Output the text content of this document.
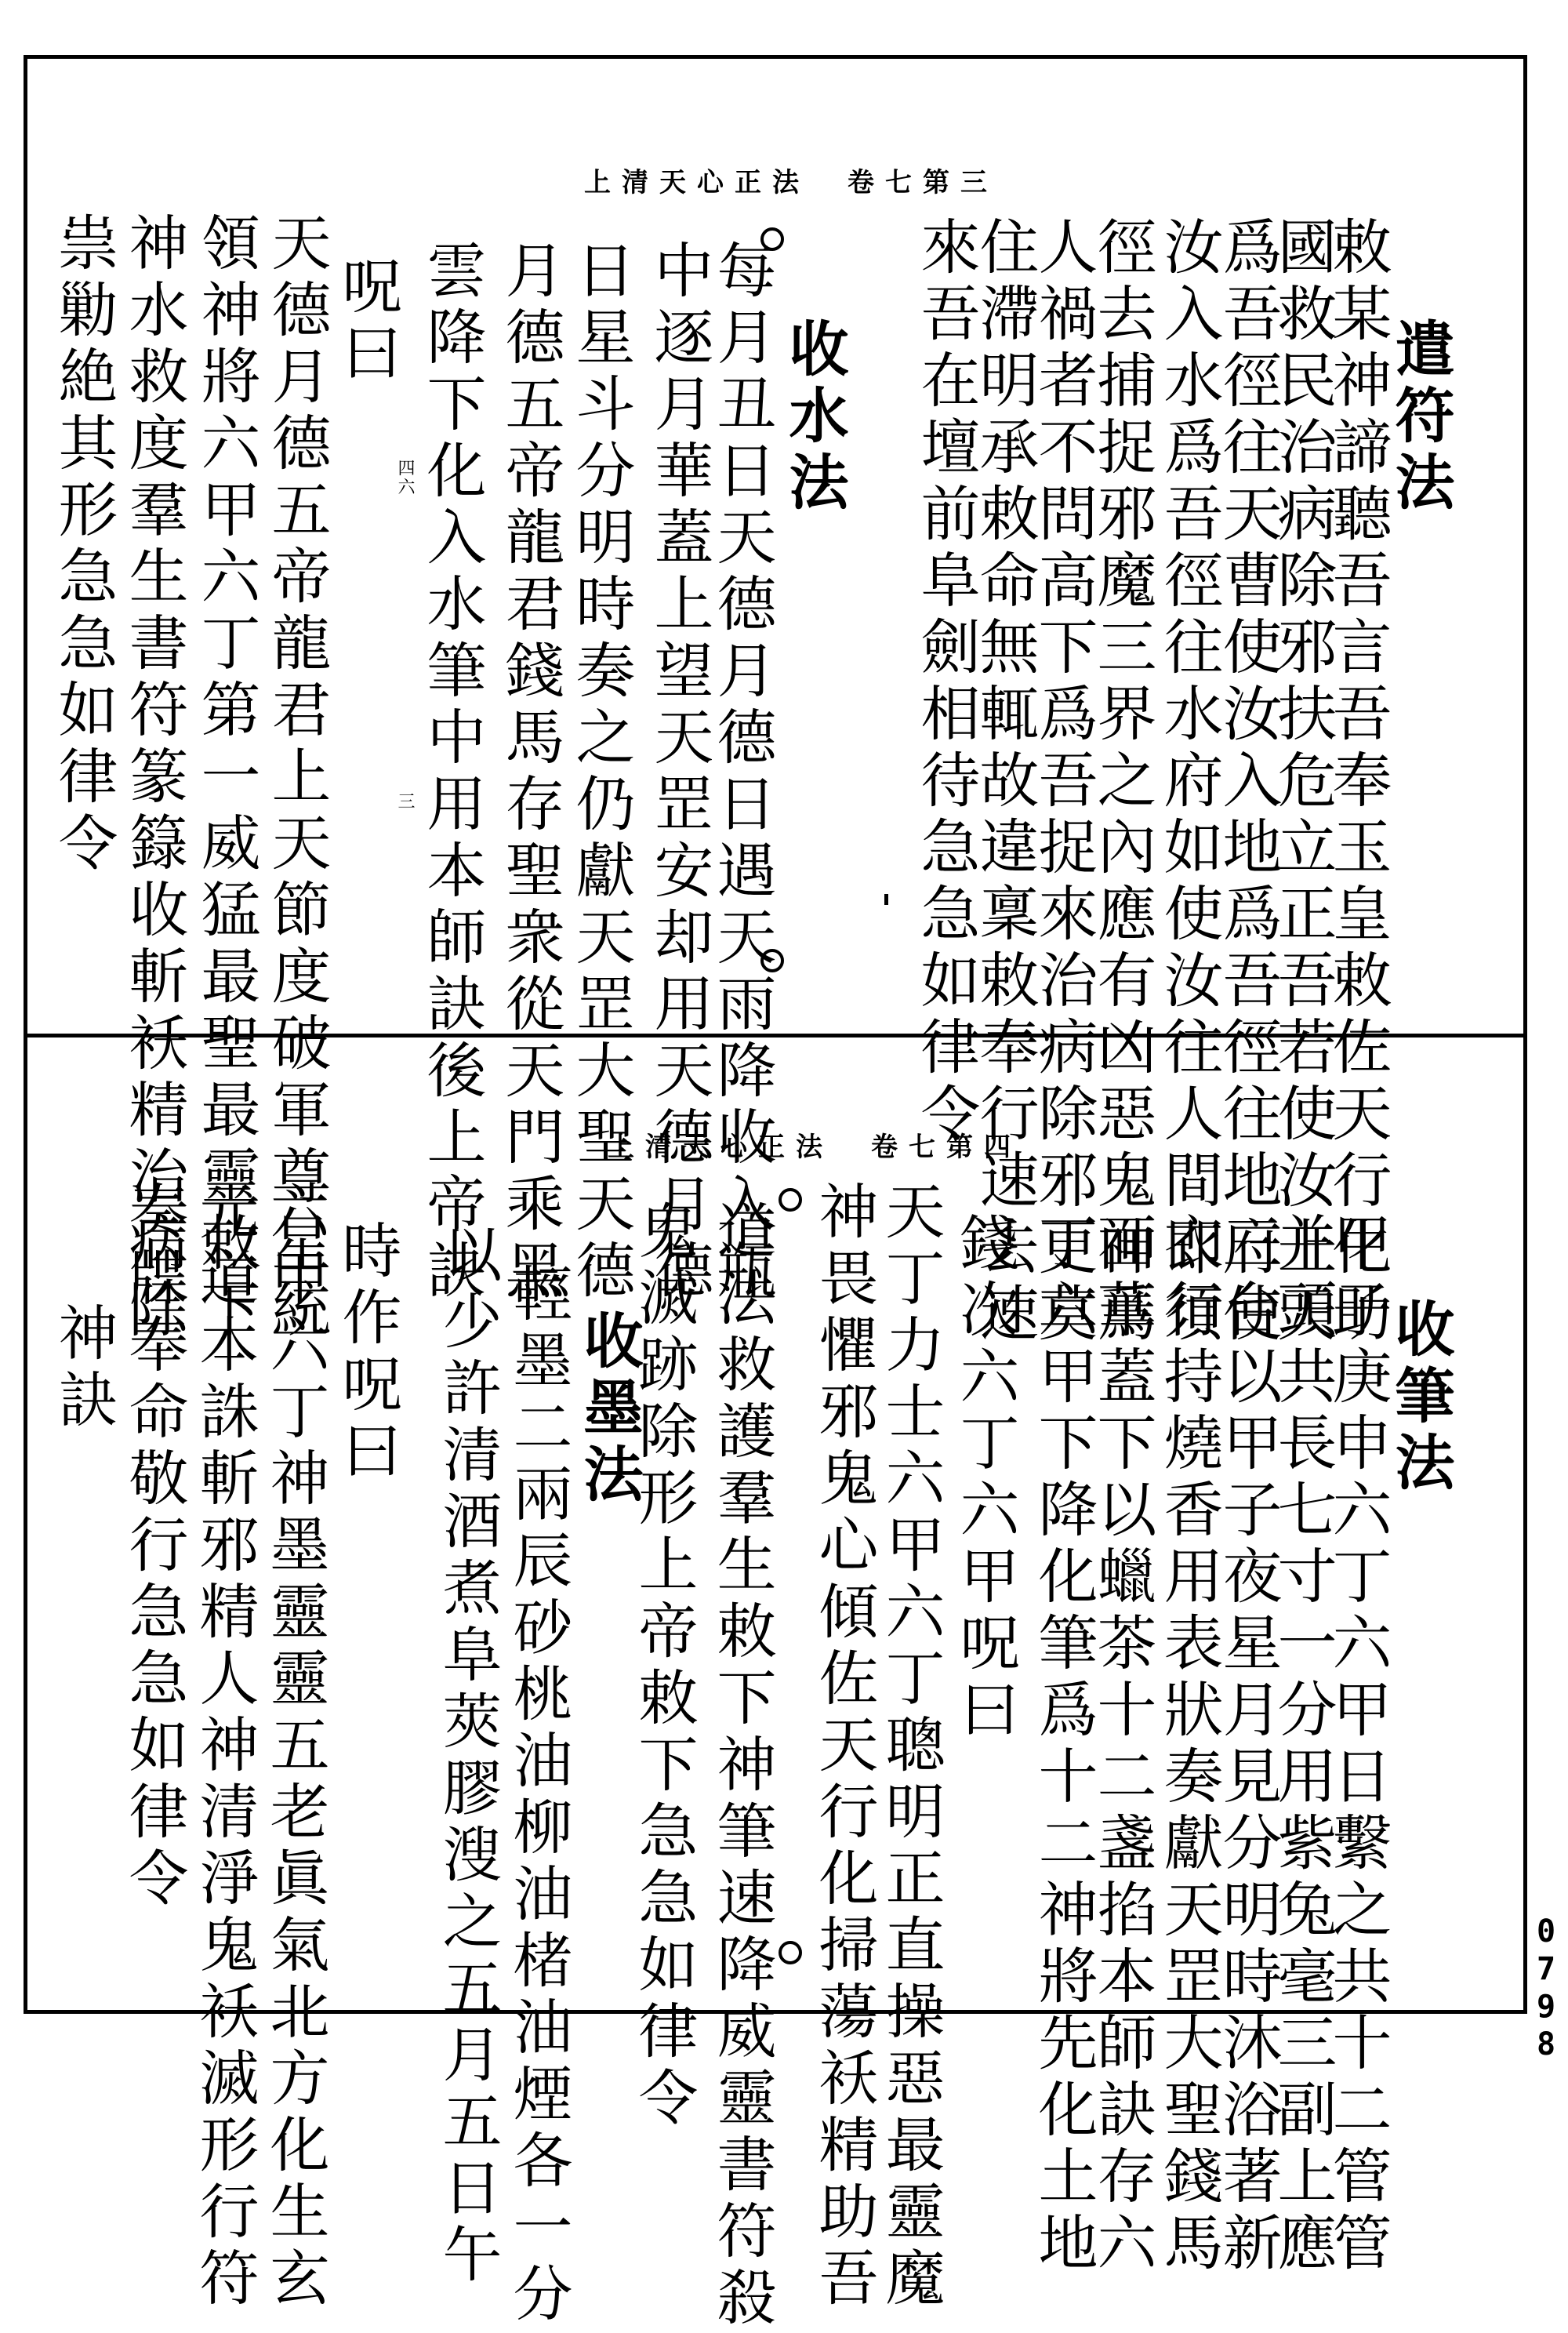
0798
上清天心正法　卷七第三
遣符法
敕某神諦聽吾言吾奉玉皇敕佐天行化助
國救民治病除邪扶危立正吾若使汝上天
爲吾徑往天曹使汝入地爲吾徑往地府使
汝入水爲吾徑往水府如使汝往人間即須
徑去捕捉邪魔三界之內應有凶惡鬼神爲
人禍者不問高下爲吾捉來治病除邪更莫
住滯明承敕命無輒故違稟敕奉行速去速
來吾在壇前阜劍相待急急如律令
收水法
每月丑日天德月德日遇天雨降收入瓶
中逐月華蓋上望天罡安却用天德月德
日星斗分明時奏之仍獻天罡大聖天德
月德五帝龍君錢馬存聖衆從天門乘黑
雲降下化入水筆中用本師訣後上帝訣
呪曰
天德月德五帝龍君上天節度破軍尊星統
領神將六甲六丁第一威猛最聖最靈敕下
神水救度羣生書符篆籙收斬袄精治病除
祟勦絶其形急急如律令	四六
三
上清天心正法　卷七第四
收筆法
甲子庚申六丁六甲日繫之共十二管管
并頭共長七寸一分用紫兔毫三副上應
三台以甲子夜星月見分明時沐浴著新
衣行持燒香用表狀奏獻天罡大聖錢馬
面華蓋下以蠟茶十二盞掐本師訣存六
丁六甲下降化筆爲十二神將先化土地
錢次六丁六甲呪曰
天丁力士六甲六丁聰明正直操惡最靈魔
神畏懼邪鬼心傾佐天行化掃蕩袄精助吾
道法救護羣生敕下神筆速降威靈書符殺
鬼滅跡除形上帝敕下急急如律令
收墨法
輕墨二兩辰砂桃油柳油楮油煙各一分
以少許清酒煮阜莢膠溲之五月五日午
時作呪曰
六甲六丁神墨靈靈五老眞氣北方化生玄
元道本誅斬邪精人神清淨鬼袄滅形行符
奏牒奉命敬行急急如律令
神訣
